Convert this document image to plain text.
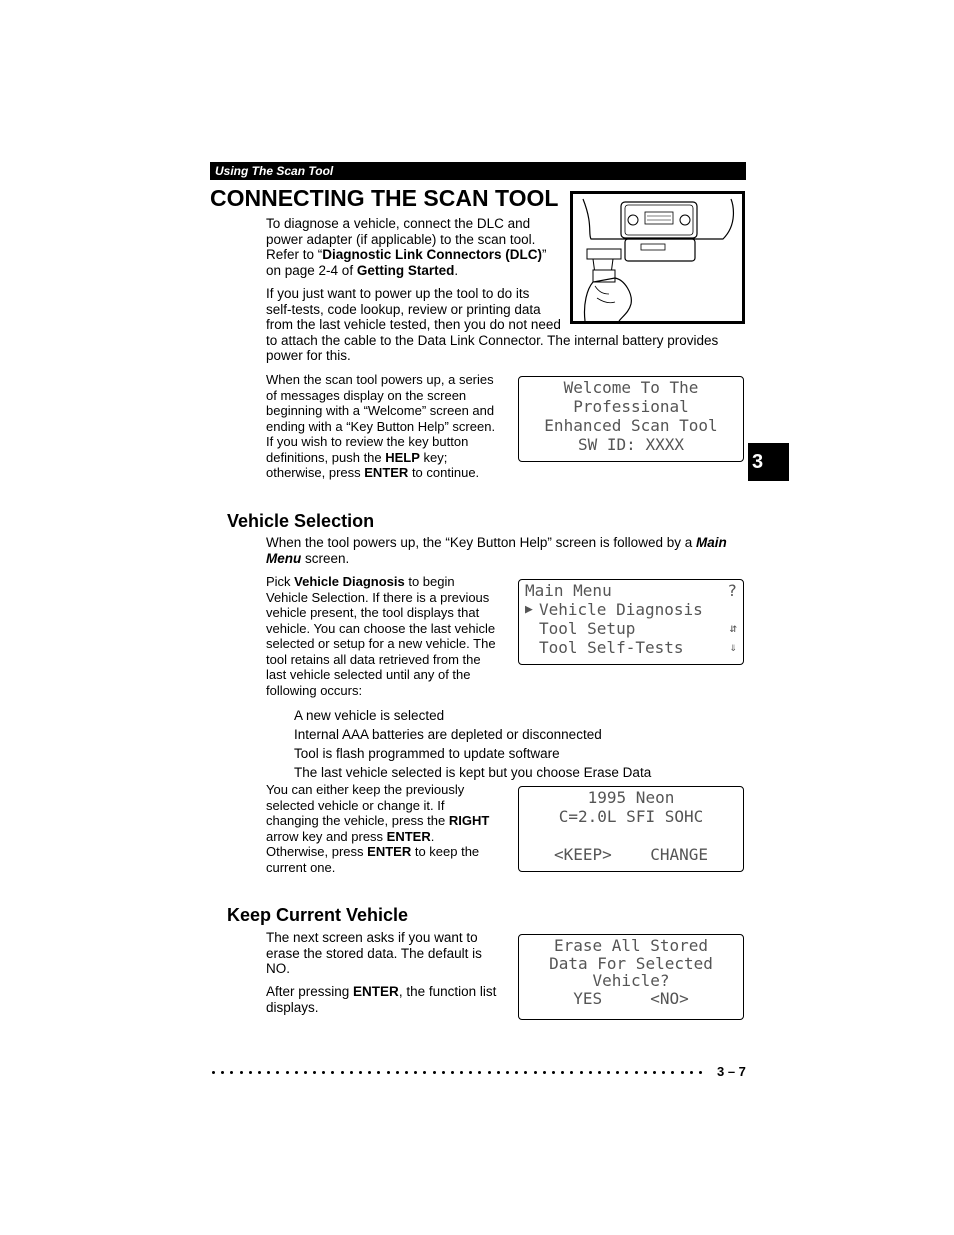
Using The Scan Tool
CONNECTING THE SCAN TOOL
To diagnose a vehicle, connect the DLC and
power adapter (if applicable) to the scan tool.
Refer to “Diagnostic Link Connectors (DLC)”
on page 2-4 of Getting Started.
If you just want to power up the tool to do its
self-tests, code lookup, review or printing data
from the last vehicle tested, then you do not need
to attach the cable to the Data Link Connector. The internal battery provides
power for this.
When the scan tool powers up, a series
of messages display on the screen
beginning with a “Welcome” screen and
ending with a “Key Button Help” screen.
If you wish to review the key button
definitions, push the HELP key;
otherwise, press ENTER to continue.
Welcome To The
Professional
Enhanced Scan Tool
SW ID: XXXX
3
Vehicle Selection
When the tool powers up, the “Key Button Help” screen is followed by a Main
Menu screen.
Pick Vehicle Diagnosis to begin
Vehicle Selection. If there is a previous
vehicle present, the tool displays that
vehicle. You can choose the last vehicle
selected or setup for a new vehicle. The
tool retains all data retrieved from the
last vehicle selected until any of the
following occurs:
Main Menu	?
▶ Vehicle Diagnosis
Tool Setup	⇵
Tool Self-Tests	⇓
A new vehicle is selected
Internal AAA batteries are depleted or disconnected
Tool is flash programmed to update software
The last vehicle selected is kept but you choose Erase Data
You can either keep the previously
selected vehicle or change it. If
changing the vehicle, press the RIGHT
arrow key and press ENTER.
Otherwise, press ENTER to keep the
current one.
1995 Neon
C=2.0L SFI SOHC
<KEEP>    CHANGE
Keep Current Vehicle
The next screen asks if you want to
erase the stored data. The default is
NO.
After pressing ENTER, the function list
displays.
Erase All Stored
Data For Selected
Vehicle?
YES     <NO>
3 – 7
